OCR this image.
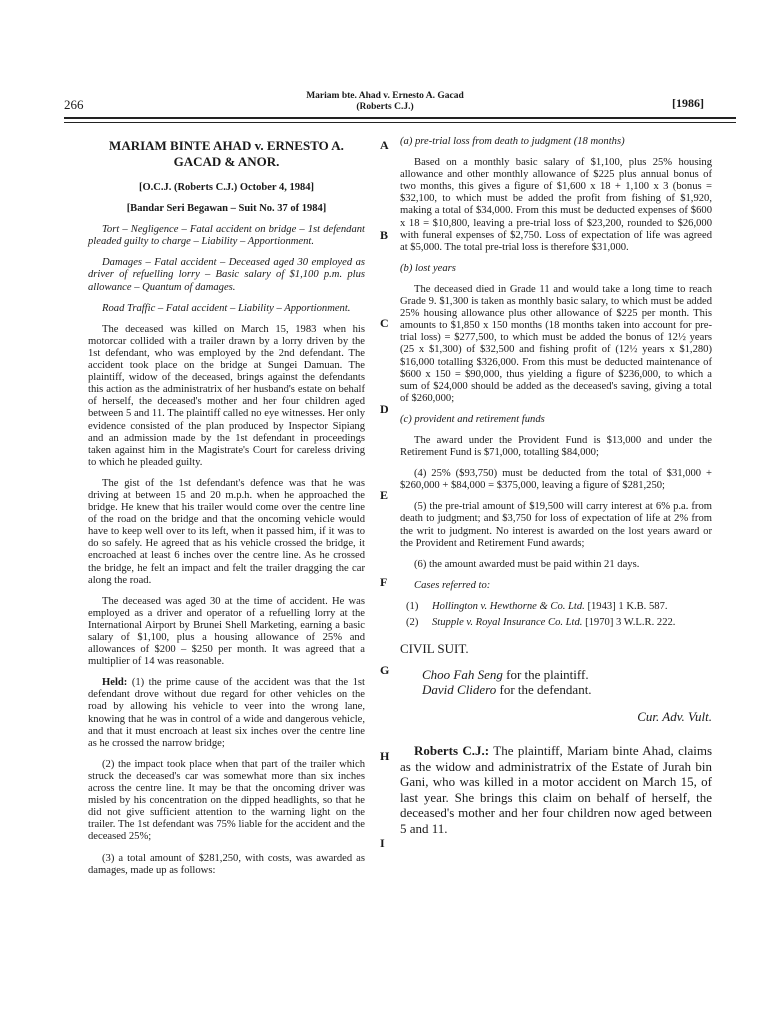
266
Mariam bte. Ahad v. Ernesto A. Gacad
(Roberts C.J.)	[1986]
A
B
C
D
E
F
G
H
I
MARIAM BINTE AHAD v. ERNESTO A. GACAD & ANOR.
[O.C.J. (Roberts C.J.) October 4, 1984]
[Bandar Seri Begawan – Suit No. 37 of 1984]

Tort – Negligence – Fatal accident on bridge – 1st defendant pleaded guilty to charge – Liability – Apportionment.

Damages – Fatal accident – Deceased aged 30 employed as driver of refuelling lorry – Basic salary of $1,100 p.m. plus allowance – Quantum of damages.

Road Traffic – Fatal accident – Liability – Apportionment.

The deceased was killed on March 15, 1983 when his motorcar collided with a trailer drawn by a lorry driven by the 1st defendant, who was employed by the 2nd defendant. The accident took place on the bridge at Sungei Damuan. The plaintiff, widow of the deceased, brings against the defendants this action as the administratrix of her husband's estate on behalf of herself, the deceased's mother and her four children aged between 5 and 11. The plaintiff called no eye witnesses. Her only evidence consisted of the plan produced by Inspector Sipiang and an admission made by the 1st defendant in proceedings taken against him in the Magistrate's Court for careless driving to which he pleaded guilty.

The gist of the 1st defendant's defence was that he was driving at between 15 and 20 m.p.h. when he approached the bridge. He knew that his trailer would come over the centre line of the road on the bridge and that the oncoming vehicle would have to keep well over to its left, when it passed him, if it was to do so safely. He agreed that as his vehicle crossed the bridge, it encroached at least 6 inches over the centre line. As he crossed the bridge, he felt an impact and felt the trailer dragging the car along the road.

The deceased was aged 30 at the time of accident. He was employed as a driver and operator of a refuelling lorry at the International Airport by Brunei Shell Marketing, earning a basic salary of $1,100, plus a housing allowance of 25% and allowances of $200 – $250 per month. It was agreed that a multiplier of 14 was reasonable.

Held: (1) the prime cause of the accident was that the 1st defendant drove without due regard for other vehicles on the road by allowing his vehicle to veer into the wrong lane, knowing that he was in control of a wide and dangerous vehicle, and that it must encroach at least six inches over the centre line as he crossed the narrow bridge;

(2) the impact took place when that part of the trailer which struck the deceased's car was somewhat more than six inches across the centre line. It may be that the oncoming driver was misled by his concentration on the dipped headlights, so that he did not give sufficient attention to the warning light on the trailer. The 1st defendant was 75% liable for the accident and the deceased 25%;

(3) a total amount of $281,250, with costs, was awarded as damages, made up as follows:

(a) pre-trial loss from death to judgment (18 months)

Based on a monthly basic salary of $1,100, plus 25% housing allowance and other monthly allowance of $225 plus annual bonus of two months, this gives a figure of $1,600 x 18 + 1,100 x 3 (bonus = $32,100, to which must be added the profit from fishing of $1,920, making a total of $34,000. From this must be deducted expenses of $600 x 18 = $10,800, leaving a pre-trial loss of $23,200, rounded to $26,000 with funeral expenses of $2,750. Loss of expectation of life was agreed at $5,000. The total pre-trial loss is therefore $31,000.

(b) lost years

The deceased died in Grade 11 and would take a long time to reach Grade 9. $1,300 is taken as monthly basic salary, to which must be added 25% housing allowance plus other allowance of $225 per month. This amounts to $1,850 x 150 months (18 months taken into account for pre-trial loss) = $277,500, to which must be added the bonus of 12½ years (25 x $1,300) of $32,500 and fishing profit of (12½ years x $1,280) $16,000 totalling $326,000. From this must be deducted maintenance of $600 x 150 = $90,000, thus yielding a figure of $236,000, to which a sum of $24,000 should be added as the deceased's saving, giving a total of $260,000;

(c) provident and retirement funds

The award under the Provident Fund is $13,000 and under the Retirement Fund is $71,000, totalling $84,000;

(4) 25% ($93,750) must be deducted from the total of $31,000 + $260,000 + $84,000 = $375,000, leaving a figure of $281,250;

(5) the pre-trial amount of $19,500 will carry interest at 6% p.a. from death to judgment; and $3,750 for loss of expectation of life at 2% from the writ to judgment. No interest is awarded on the lost years award or the Provident and Retirement Fund awards;

(6) the amount awarded must be paid within 21 days.

Cases referred to:

(1)	Hollington v. Hewthorne & Co. Ltd. [1943] 1 K.B. 587.
(2)	Stupple v. Royal Insurance Co. Ltd. [1970] 3 W.L.R. 222.
CIVIL SUIT.
Choo Fah Seng for the plaintiff.
David Clidero for the defendant.
Cur. Adv. Vult.

Roberts C.J.: The plaintiff, Mariam binte Ahad, claims as the widow and administratrix of the Estate of Jurah bin Gani, who was killed in a motor accident on March 15, of last year. She brings this claim on behalf of herself, the deceased's mother and her four children now aged between 5 and 11.
